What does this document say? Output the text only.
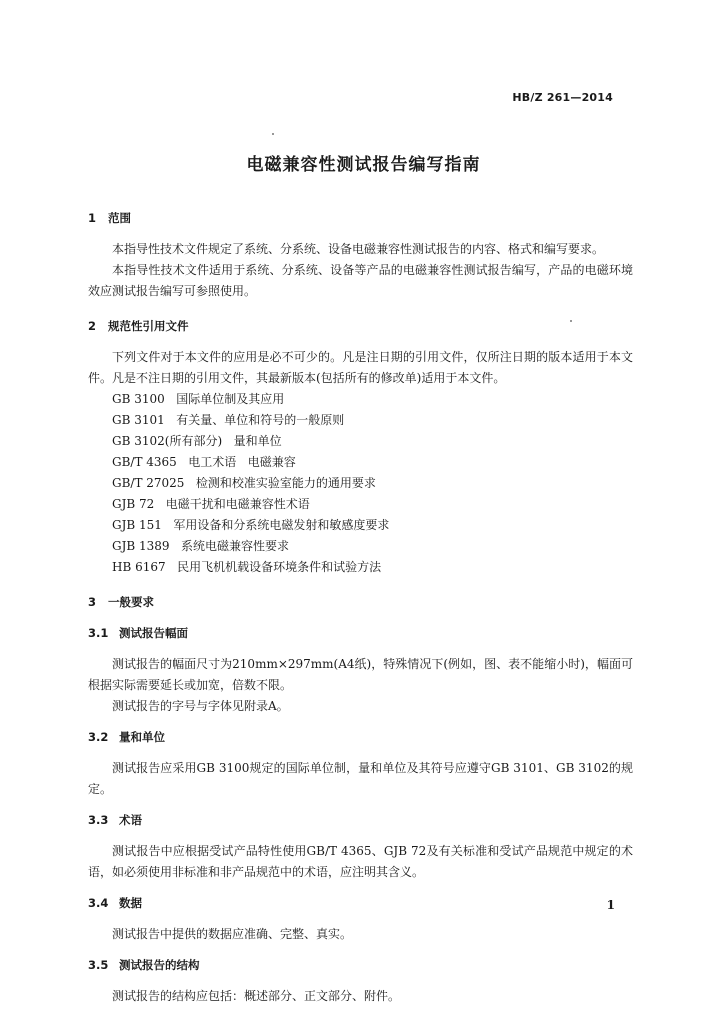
HB/Z 261—2014
电磁兼容性测试报告编写指南
1 范围
本指导性技术文件规定了系统、分系统、设备电磁兼容性测试报告的内容、格式和编写要求。
本指导性技术文件适用于系统、分系统、设备等产品的电磁兼容性测试报告编写，产品的电磁环境效应测试报告编写可参照使用。
2 规范性引用文件
下列文件对于本文件的应用是必不可少的。凡是注日期的引用文件，仅所注日期的版本适用于本文件。凡是不注日期的引用文件，其最新版本(包括所有的修改单)适用于本文件。
GB 3100   国际单位制及其应用
GB 3101   有关量、单位和符号的一般原则
GB 3102(所有部分)   量和单位
GB/T 4365   电工术语   电磁兼容
GB/T 27025   检测和校准实验室能力的通用要求
GJB 72   电磁干扰和电磁兼容性术语
GJB 151   军用设备和分系统电磁发射和敏感度要求
GJB 1389   系统电磁兼容性要求
HB 6167   民用飞机机载设备环境条件和试验方法
3 一般要求
3.1 测试报告幅面
测试报告的幅面尺寸为210mm×297mm(A4纸)，特殊情况下(例如，图、表不能缩小时)，幅面可根据实际需要延长或加宽，倍数不限。
测试报告的字号与字体见附录A。
3.2 量和单位
测试报告应采用GB 3100规定的国际单位制，量和单位及其符号应遵守GB 3101、GB 3102的规定。
3.3 术语
测试报告中应根据受试产品特性使用GB/T 4365、GJB 72及有关标准和受试产品规范中规定的术语，如必须使用非标准和非产品规范中的术语，应注明其含义。
3.4 数据
测试报告中提供的数据应准确、完整、真实。
3.5 测试报告的结构
测试报告的结构应包括：概述部分、正文部分、附件。
1
